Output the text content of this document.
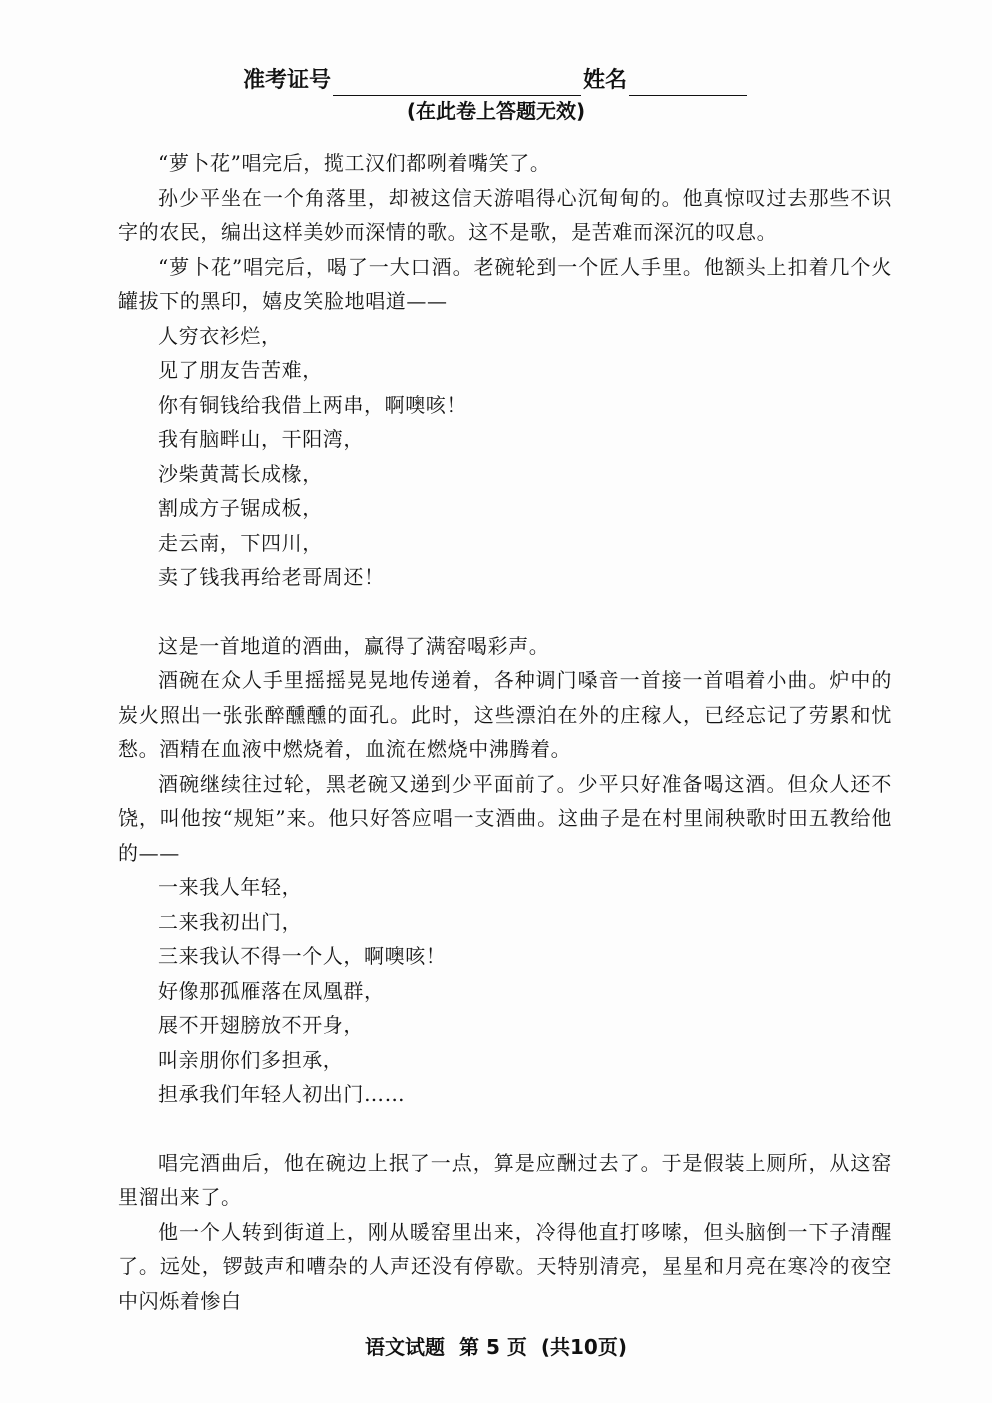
准考证号	姓名
(在此卷上答题无效)

“萝卜花”唱完后，揽工汉们都咧着嘴笑了。

孙少平坐在一个角落里，却被这信天游唱得心沉甸甸的。他真惊叹过去那些不识字的农民，编出这样美妙而深情的歌。这不是歌，是苦难而深沉的叹息。

“萝卜花”唱完后，喝了一大口酒。老碗轮到一个匠人手里。他额头上扣着几个火罐拔下的黑印，嬉皮笑脸地唱道——

人穷衣衫烂，

见了朋友告苦难，

你有铜钱给我借上两串，啊噢咳！

我有脑畔山，干阳湾，

沙柴黄蒿长成椽，

割成方子锯成板，

走云南，下四川，

卖了钱我再给老哥周还！

这是一首地道的酒曲，赢得了满窑喝彩声。

酒碗在众人手里摇摇晃晃地传递着，各种调门嗓音一首接一首唱着小曲。炉中的炭火照出一张张醉醺醺的面孔。此时，这些漂泊在外的庄稼人，已经忘记了劳累和忧愁。酒精在血液中燃烧着，血流在燃烧中沸腾着。

酒碗继续往过轮，黑老碗又递到少平面前了。少平只好准备喝这酒。但众人还不饶，叫他按“规矩”来。他只好答应唱一支酒曲。这曲子是在村里闹秧歌时田五教给他的——

一来我人年轻，

二来我初出门，

三来我认不得一个人，啊噢咳！

好像那孤雁落在凤凰群，

展不开翅膀放不开身，

叫亲朋你们多担承，

担承我们年轻人初出门……

唱完酒曲后，他在碗边上抿了一点，算是应酬过去了。于是假装上厕所，从这窑里溜出来了。

他一个人转到街道上，刚从暖窑里出来，冷得他直打哆嗦，但头脑倒一下子清醒了。远处，锣鼓声和嘈杂的人声还没有停歇。天特别清亮，星星和月亮在寒冷的夜空中闪烁着惨白

语文试题 第 5 页 (共10页)
